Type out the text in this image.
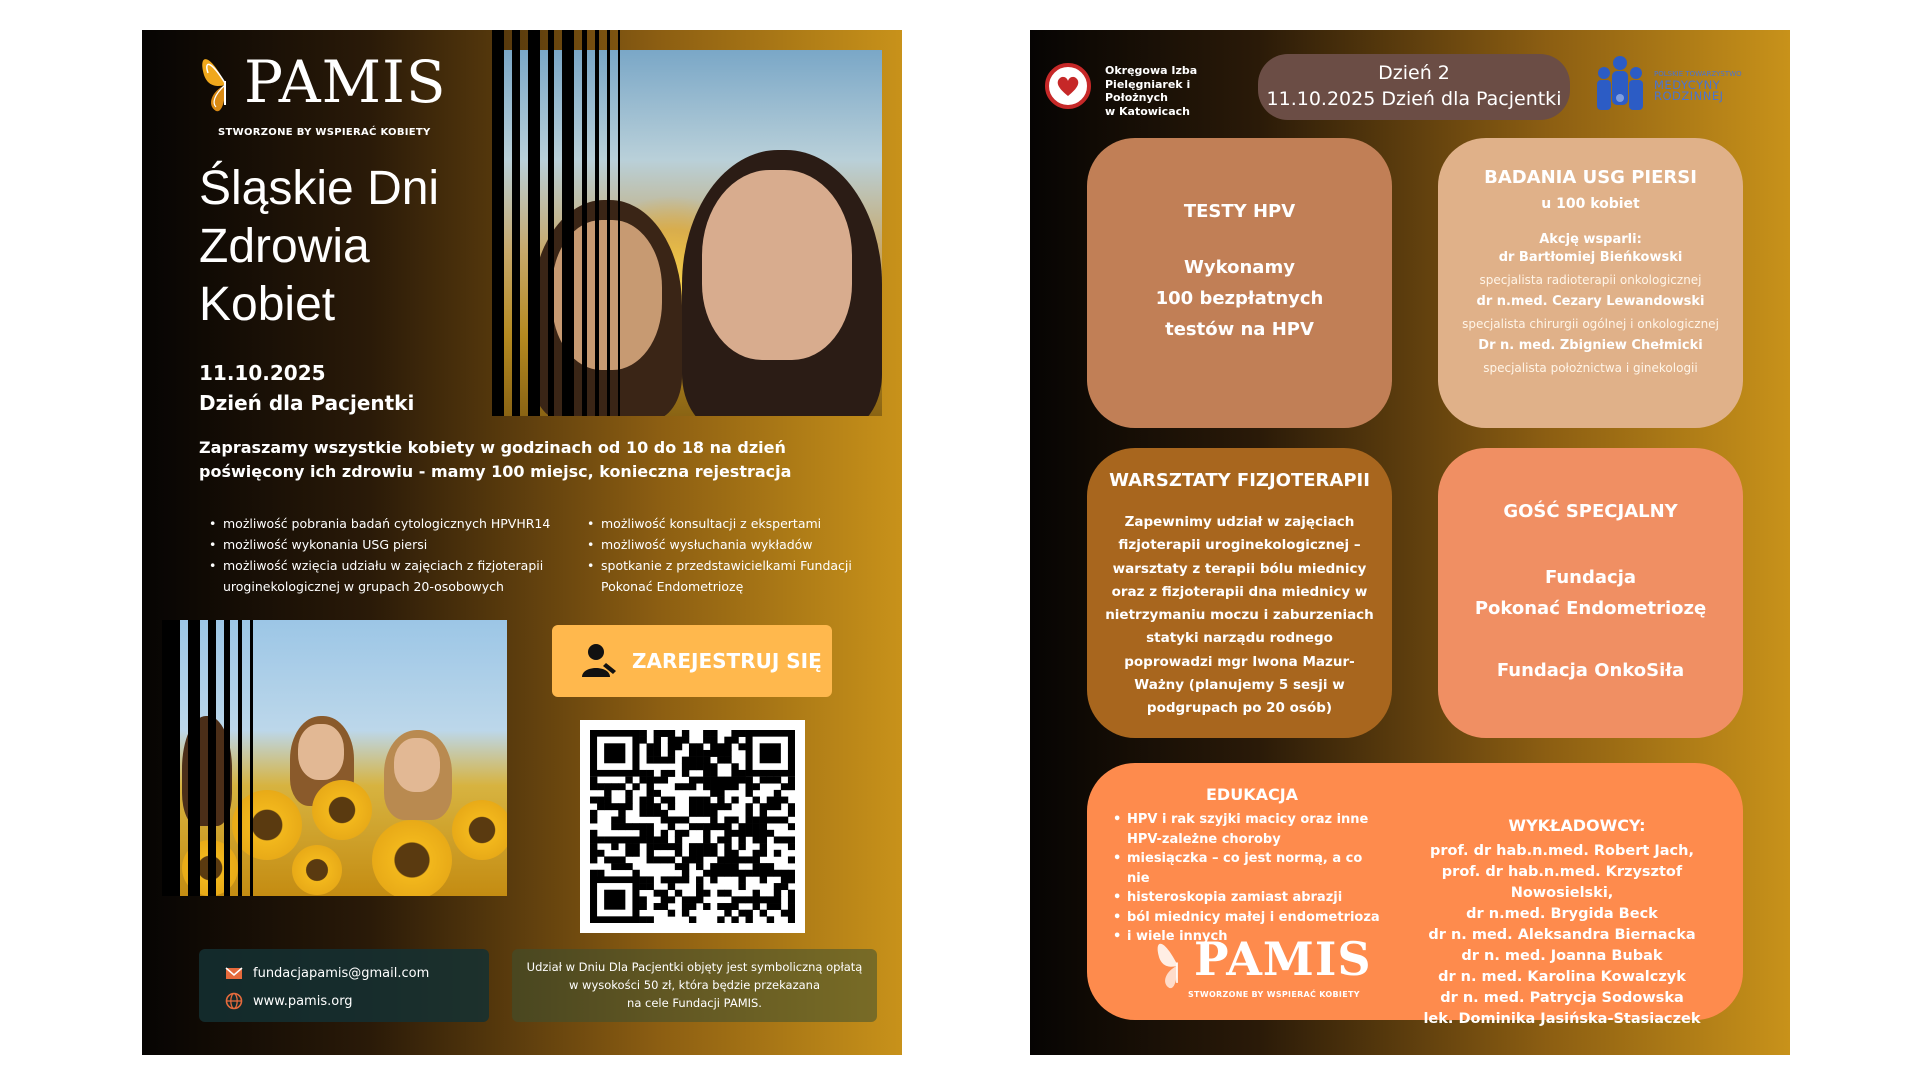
PAMIS
STWORZONE BY WSPIERAĆ KOBIETY
Śląskie Dni
Zdrowia
Kobiet
11.10.2025
Dzień dla Pacjentki
Zapraszamy wszystkie kobiety w godzinach od 10 do 18 na dzień poświęcony ich zdrowiu - mamy 100 miejsc, konieczna rejestracja
• możliwość pobrania badań cytologicznych HPVHR14
• możliwość wykonania USG piersi
• możliwość wzięcia udziału w zajęciach z fizjoterapii uroginekologicznej w grupach 20-osobowych
• możliwość konsultacji z ekspertami
• możliwość wysłuchania wykładów
• spotkanie z przedstawicielkami Fundacji Pokonać Endometriozę
ZAREJESTRUJ SIĘ
fundacjapamis@gmail.com
www.pamis.org
Udział w Dniu Dla Pacjentki objęty jest symboliczną opłatą
w wysokości 50 zł, która będzie przekazana
na cele Fundacji PAMIS.
Okręgowa Izba
Pielęgniarek i Położnych
w Katowicach
Dzień 2
11.10.2025 Dzień dla Pacjentki
POLSKIE TOWARZYSTWO
MEDYCYNY RODZINNEJ
TESTY HPV
Wykonamy
100 bezpłatnych
testów na HPV
BADANIA USG PIERSI
u 100 kobiet
Akcję wsparli:
dr Bartłomiej Bieńkowski
specjalista radioterapii onkologicznej
dr n.med. Cezary Lewandowski
specjalista chirurgii ogólnej i onkologicznej
Dr n. med. Zbigniew Chełmicki
specjalista położnictwa i ginekologii
WARSZTATY FIZJOTERAPII
Zapewnimy udział w zajęciach fizjoterapii uroginekologicznej – warsztaty z terapii bólu miednicy oraz z fizjoterapii dna miednicy w nietrzymaniu moczu i zaburzeniach statyki narządu rodnego poprowadzi mgr Iwona Mazur-Ważny (planujemy 5 sesji w podgrupach po 20 osób)
GOŚĆ SPECJALNY
Fundacja
Pokonać Endometriozę
Fundacja OnkoSiła
EDUKACJA
• HPV i rak szyjki macicy oraz inne HPV-zależne choroby
• miesiączka – co jest normą, a co nie
• histeroskopia zamiast abrazji
• ból miednicy małej i endometrioza
• i wiele innych
WYKŁADOWCY:
prof. dr hab.n.med. Robert Jach,
prof. dr hab.n.med. Krzysztof Nowosielski,
dr n.med. Brygida Beck
dr n. med. Aleksandra Biernacka
dr n. med. Joanna Bubak
dr n. med. Karolina Kowalczyk
dr n. med. Patrycja Sodowska
lek. Dominika Jasińska-Stasiaczek
PAMIS
STWORZONE BY WSPIERAĆ KOBIETY
